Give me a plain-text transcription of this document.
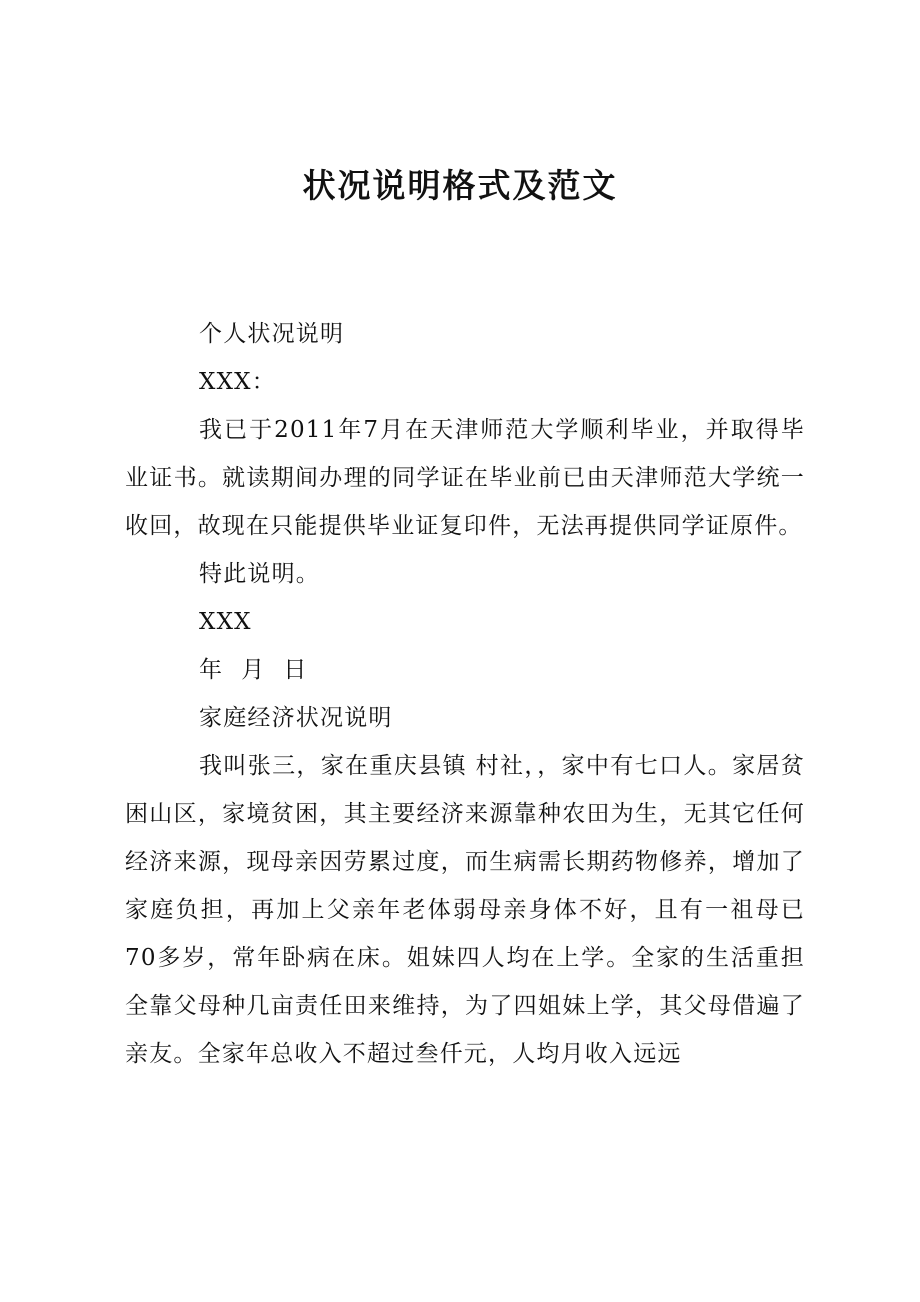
状况说明格式及范文

个人状况说明

XXX：

我已于2011年7月在天津师范大学顺利毕业，并取得毕业证书。就读期间办理的同学证在毕业前已由天津师范大学统一收回，故现在只能提供毕业证复印件，无法再提供同学证原件。

特此说明。

XXX

年 月 日

家庭经济状况说明

我叫张三，家在重庆县镇 村社，，家中有七口人。家居贫困山区，家境贫困，其主要经济来源靠种农田为生，无其它任何经济来源，现母亲因劳累过度，而生病需长期药物修养，增加了家庭负担，再加上父亲年老体弱母亲身体不好，且有一祖母已70多岁，常年卧病在床。姐妹四人均在上学。全家的生活重担全靠父母种几亩责任田来维持，为了四姐妹上学，其父母借遍了亲友。全家年总收入不超过叁仟元，人均月收入远远
